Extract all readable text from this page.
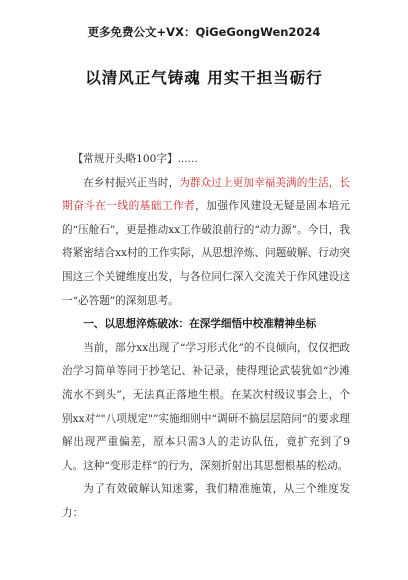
更多免费公文+VX：QiGeGongWen2024
以清风正气铸魂 用实干担当砺行

【常规开头略100字】......

在乡村振兴正当时，为群众过上更加幸福美满的生活，长期奋斗在一线的基础工作者，加强作风建设无疑是固本培元的“压舱石”，更是推动xx工作破浪前行的“动力源”。今日，我将紧密结合xx村的工作实际，从思想淬炼、问题破解、行动突围这三个关键维度出发，与各位同仁深入交流关于作风建设这一“必答题”的深刻思考。

一、以思想淬炼破冰：在深学细悟中校准精神坐标

当前，部分xx出现了“学习形式化”的不良倾向，仅仅把政治学习简单等同于抄笔记、补记录，使得理论武装犹如“沙滩流水不到头”，无法真正落地生根。在某次村级议事会上，个别xx对“"八项规定"”实施细则中“调研不搞层层陪同”的要求理解出现严重偏差，原本只需3人的走访队伍，竟扩充到了9人。这种“变形走样”的行为，深刻折射出其思想根基的松动。

为了有效破解认知迷雾，我们精准施策，从三个维度发力：
